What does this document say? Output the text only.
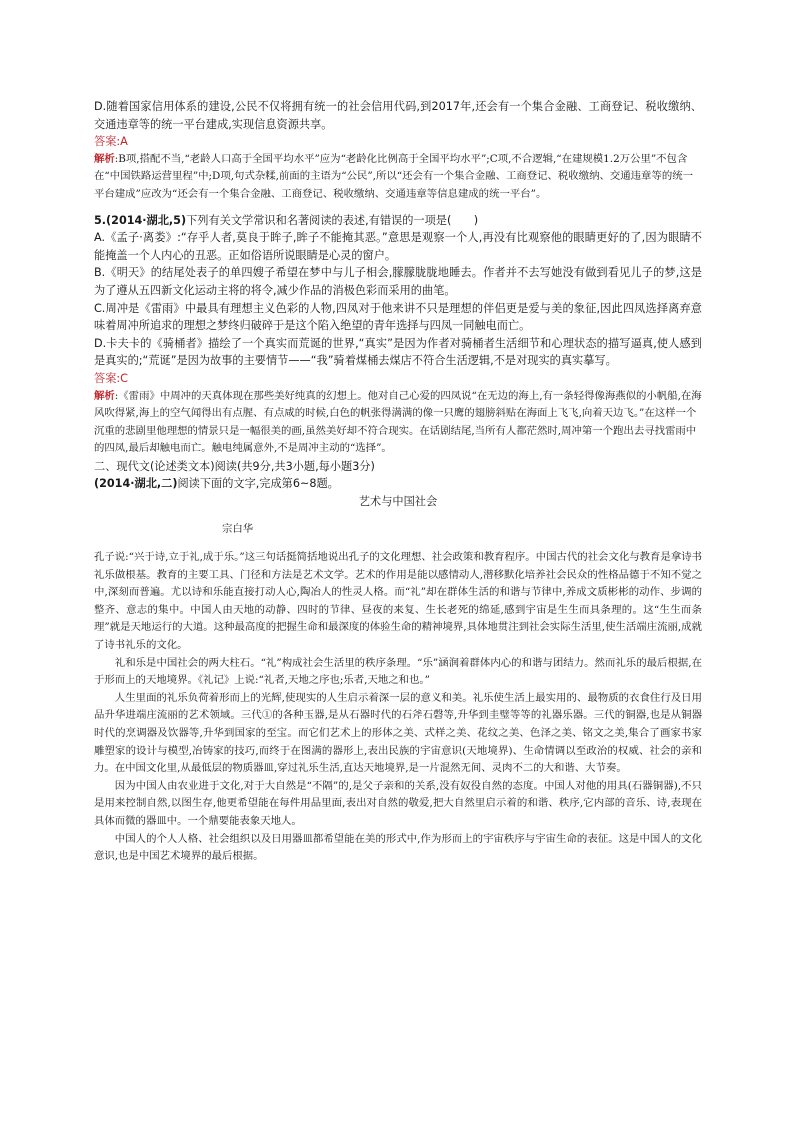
D.随着国家信用体系的建设,公民不仅将拥有统一的社会信用代码,到2017年,还会有一个集合金融、工商登记、税收缴纳、交通违章等的统一平台建成,实现信息资源共享。

答案:A

解析:B项,搭配不当,“老龄人口高于全国平均水平”应为“老龄化比例高于全国平均水平”;C项,不合逻辑,“在建规模1.2万公里”不包含在“中国铁路运营里程”中;D项,句式杂糅,前面的主语为“公民”,所以“还会有一个集合金融、工商登记、税收缴纳、交通违章等的统一平台建成”应改为“还会有一个集合金融、工商登记、税收缴纳、交通违章等信息建成的统一平台”。

5.(2014·湖北,5)下列有关文学常识和名著阅读的表述,有错误的一项是(　　)

A.《孟子·离娄》:“存乎人者,莫良于眸子,眸子不能掩其恶。”意思是观察一个人,再没有比观察他的眼睛更好的了,因为眼睛不能掩盖一个人内心的丑恶。正如俗语所说眼睛是心灵的窗户。

B.《明天》的结尾处表子的单四嫂子希望在梦中与儿子相会,朦朦胧胧地睡去。作者并不去写她没有做到看见儿子的梦,这是为了遵从五四新文化运动主将的将令,减少作品的消极色彩而采用的曲笔。

C.周冲是《雷雨》中最具有理想主义色彩的人物,四凤对于他来讲不只是理想的伴侣更是爱与美的象征,因此四凤选择离弃意味着周冲所追求的理想之梦终归破碎于是这个陷入绝望的青年选择与四凤一同触电而亡。

D.卡夫卡的《骑桶者》描绘了一个真实而荒诞的世界,“真实”是因为作者对骑桶者生活细节和心理状态的描写逼真,使人感到是真实的;“荒诞”是因为故事的主要情节——“我”骑着煤桶去煤店不符合生活逻辑,不是对现实的真实摹写。

答案:C

解析:《雷雨》中周冲的天真体现在那些美好纯真的幻想上。他对自己心爱的四凤说“在无边的海上,有一条轻得像海燕似的小帆船,在海风吹得紧,海上的空气闻得出有点腥、有点咸的时候,白色的帆张得满满的像一只鹰的翅膀斜贴在海面上飞飞,向着天边飞。”在这样一个沉重的悲剧里他理想的情景只是一幅很美的画,虽然美好却不符合现实。在话剧结尾,当所有人都茫然时,周冲第一个跑出去寻找雷雨中的四凤,最后却触电而亡。触电纯属意外,不是周冲主动的“选择”。

二、现代文(论述类文本)阅读(共9分,共3小题,每小题3分)

(2014·湖北,二)阅读下面的文字,完成第6~8题。

艺术与中国社会

宗白华

孔子说:“兴于诗,立于礼,成于乐。”这三句话挺简括地说出孔子的文化理想、社会政策和教育程序。中国古代的社会文化与教育是拿诗书礼乐做根基。教育的主要工具、门径和方法是艺术文学。艺术的作用是能以感情动人,潜移默化培养社会民众的性格品德于不知不觉之中,深刻而普遍。尤以诗和乐能直接打动人心,陶冶人的性灵人格。而“礼”却在群体生活的和谐与节律中,养成文质彬彬的动作、步调的整齐、意志的集中。中国人由天地的动静、四时的节律、昼夜的来复、生长老死的绵延,感到宇宙是生生而具条理的。这“生生而条理”就是天地运行的大道。这种最高度的把握生命和最深度的体验生命的精神境界,具体地贯注到社会实际生活里,使生活端庄流丽,成就了诗书礼乐的文化。

礼和乐是中国社会的两大柱石。“礼”构成社会生活里的秩序条理。“乐”涵润着群体内心的和谐与团结力。然而礼乐的最后根据,在于形而上的天地境界。《礼记》上说:“礼者,天地之序也;乐者,天地之和也。”

人生里面的礼乐负荷着形而上的光辉,使现实的人生启示着深一层的意义和美。礼乐使生活上最实用的、最物质的衣食住行及日用品升华进端庄流丽的艺术领域。三代①的各种玉器,是从石器时代的石斧石磬等,升华到圭璧等等的礼器乐器。三代的铜器,也是从铜器时代的烹调器及饮器等,升华到国家的至宝。而它们艺术上的形体之美、式样之美、花纹之美、色泽之美、铭文之美,集合了画家书家雕塑家的设计与模型,冶铸家的技巧,而终于在图满的器形上,表出民族的宇宙意识(天地境界)、生命情调以至政治的权威、社会的亲和力。在中国文化里,从最低层的物质器皿,穿过礼乐生活,直达天地境界,是一片混然无间、灵肉不二的大和谐、大节奏。

因为中国人由农业进于文化,对于大自然是“不隔”的,是父子亲和的关系,没有奴役自然的态度。中国人对他的用具(石器铜器),不只是用来控制自然,以图生存,他更希望能在每件用品里面,表出对自然的敬爱,把大自然里启示着的和谐、秩序,它内部的音乐、诗,表现在具体而微的器皿中。一个鼎要能表象天地人。

中国人的个人人格、社会组织以及日用器皿都希望能在美的形式中,作为形而上的宇宙秩序与宇宙生命的表征。这是中国人的文化意识,也是中国艺术境界的最后根据。
